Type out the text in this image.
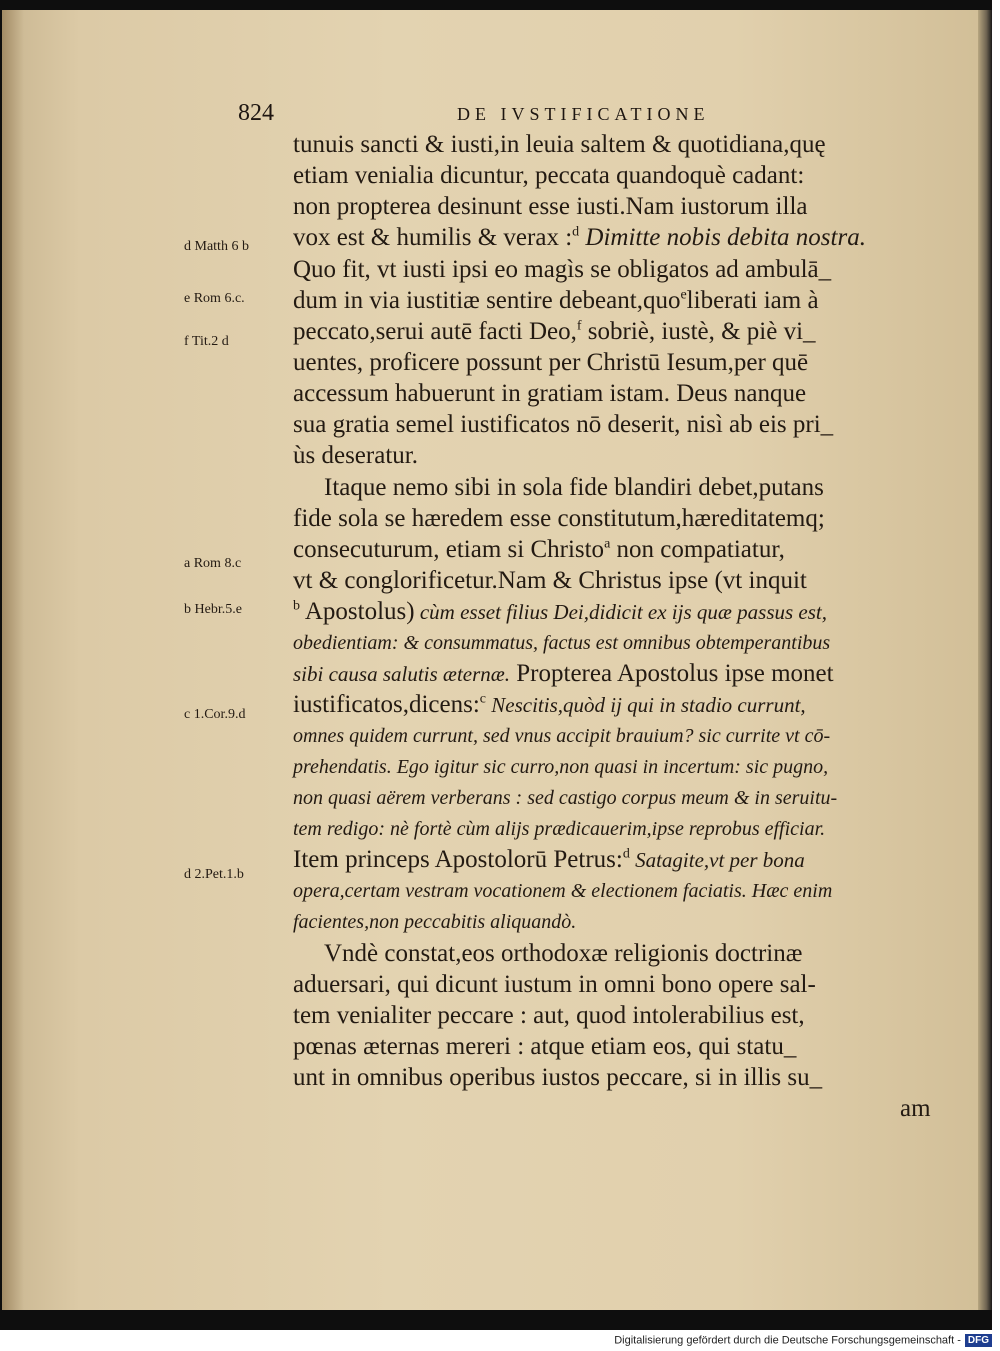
824	DE IVSTIFICATIONE
d Matth 6 b
e Rom 6.c.
f Tit.2 d
a Rom 8.c
b Hebr.5.e
c 1.Cor.9.d
d 2.Pet.1.b
tunuis sancti & iusti,in leuia saltem & quotidiana,quę
etiam venialia dicuntur, peccata quandoquè cadant:
non propterea desinunt esse iusti.Nam iustorum illa
vox est & humilis & verax :$^d$ Dimitte nobis debita nostra.
Quo fit, vt iusti ipsi eo magìs se obligatos ad ambulā_
dum in via iustitiæ sentire debeant,quo$^e$liberati iam à
peccato,serui autē facti Deo,$^f$ sobriè, iustè, & piè vi_
uentes, proficere possunt per Christū Iesum,per quē
accessum habuerunt in gratiam istam. Deus nanque
sua gratia semel iustificatos nō deserit, nisì ab eis pri_
ùs deseratur.
Itaque nemo sibi in sola fide blandiri debet,putans
fide sola se hæredem esse constitutum,hæreditatemq;
consecuturum, etiam si Christo$^a$ non compatiatur,
vt & conglorificetur.Nam & Christus ipse (vt inquit
$^b$ Apostolus) cùm esset filius Dei,didicit ex ijs quæ passus est,
obedientiam: & consummatus, factus est omnibus obtemperantibus
sibi causa salutis æternæ. Propterea Apostolus ipse monet
iustificatos,dicens:$^c$ Nescitis,quòd ij qui in stadio currunt,
omnes quidem currunt, sed vnus accipit brauium? sic currite vt cō-
prehendatis. Ego igitur sic curro,non quasi in incertum: sic pugno,
non quasi aërem verberans : sed castigo corpus meum & in seruitu-
tem redigo: nè fortè cùm alijs prædicauerim,ipse reprobus efficiar.
Item princeps Apostolorū Petrus:$^d$ Satagite,vt per bona
opera,certam vestram vocationem & electionem faciatis. Hæc enim
facientes,non peccabitis aliquandò.
Vndè constat,eos orthodoxæ religionis doctrinæ
aduersari, qui dicunt iustum in omni bono opere sal-
tem venialiter peccare : aut, quod intolerabilius est,
pœnas æternas mereri : atque etiam eos, qui statu_
unt in omnibus operibus iustos peccare, si in illis su_
am
Digitalisierung gefördert durch die Deutsche Forschungsgemeinschaft - DFG
